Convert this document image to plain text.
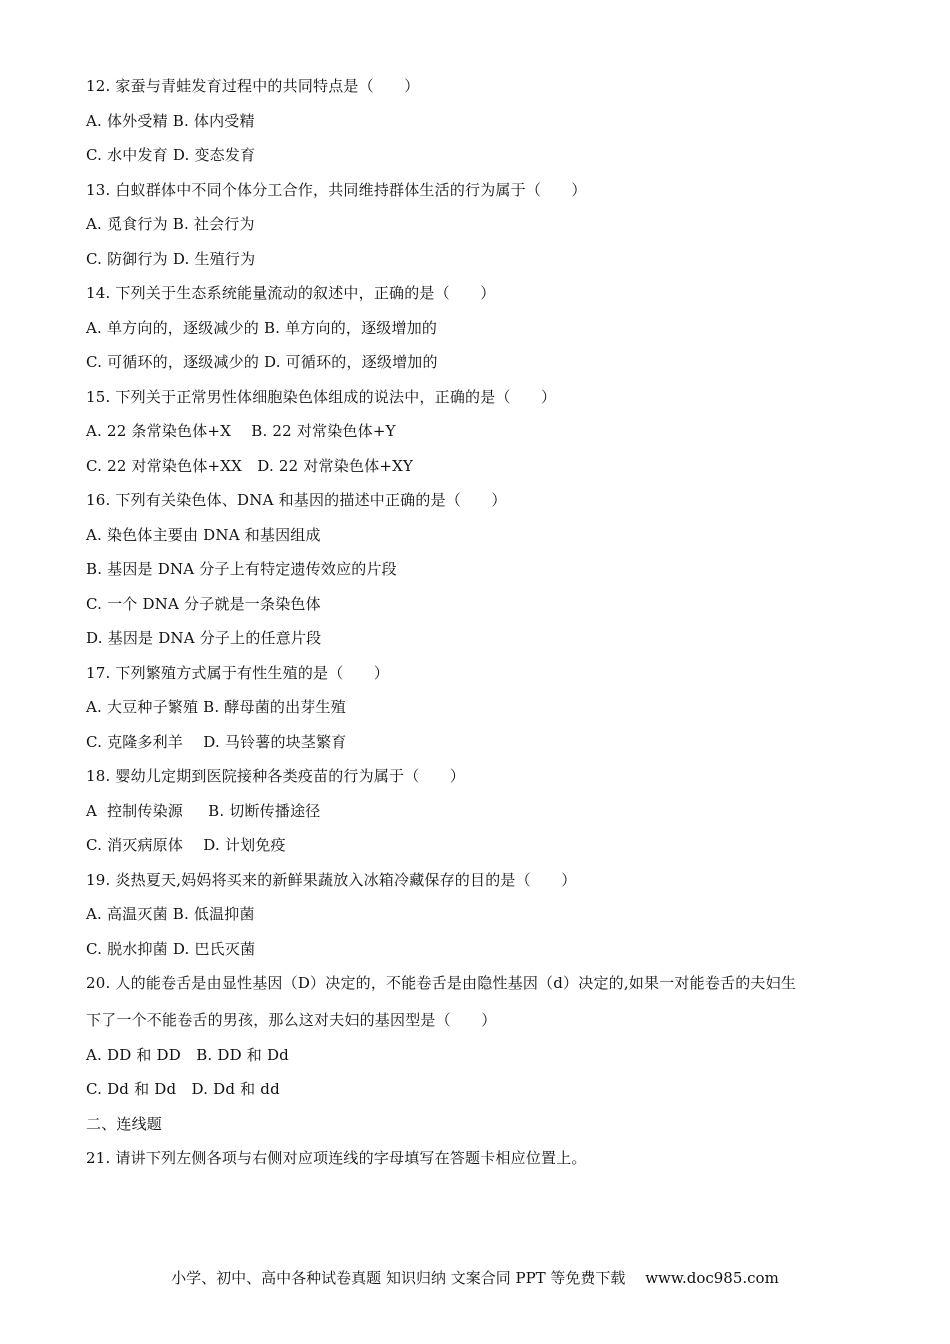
12. 家蚕与青蛙发育过程中的共同特点是（　　）
A. 体外受精 B. 体内受精
C. 水中发育 D. 变态发育
13. 白蚁群体中不同个体分工合作，共同维持群体生活的行为属于（　　）
A. 觅食行为 B. 社会行为
C. 防御行为 D. 生殖行为
14. 下列关于生态系统能量流动的叙述中，正确的是（　　）
A. 单方向的，逐级减少的 B. 单方向的，逐级增加的
C. 可循环的，逐级减少的 D. 可循环的，逐级增加的
15. 下列关于正常男性体细胞染色体组成的说法中，正确的是（　　）
A. 22 条常染色体+X　 B. 22 对常染色体+Y
C. 22 对常染色体+XX　D. 22 对常染色体+XY
16. 下列有关染色体、DNA 和基因的描述中正确的是（　　）
A. 染色体主要由 DNA 和基因组成
B. 基因是 DNA 分子上有特定遗传效应的片段
C. 一个 DNA 分子就是一条染色体
D. 基因是 DNA 分子上的任意片段
17. 下列繁殖方式属于有性生殖的是（　　）
A. 大豆种子繁殖 B. 酵母菌的出芽生殖
C. 克隆多利羊　 D. 马铃薯的块茎繁育
18. 婴幼儿定期到医院接种各类疫苗的行为属于（　　）
A  控制传染源　  B. 切断传播途径
C. 消灭病原体　 D. 计划免疫
19. 炎热夏天,妈妈将买来的新鲜果蔬放入冰箱冷藏保存的目的是（　　）
A. 高温灭菌 B. 低温抑菌
C. 脱水抑菌 D. 巴氏灭菌
20. 人的能卷舌是由显性基因（D）决定的，不能卷舌是由隐性基因（d）决定的,如果一对能卷舌的夫妇生
下了一个不能卷舌的男孩，那么这对夫妇的基因型是（　　）
A. DD 和 DD　B. DD 和 Dd
C. Dd 和 Dd　D. Dd 和 dd
二、连线题
21. 请讲下列左侧各项与右侧对应项连线的字母填写在答题卡相应位置上。
小学、初中、高中各种试卷真题 知识归纳 文案合同 PPT 等免费下载　 www.doc985.com
